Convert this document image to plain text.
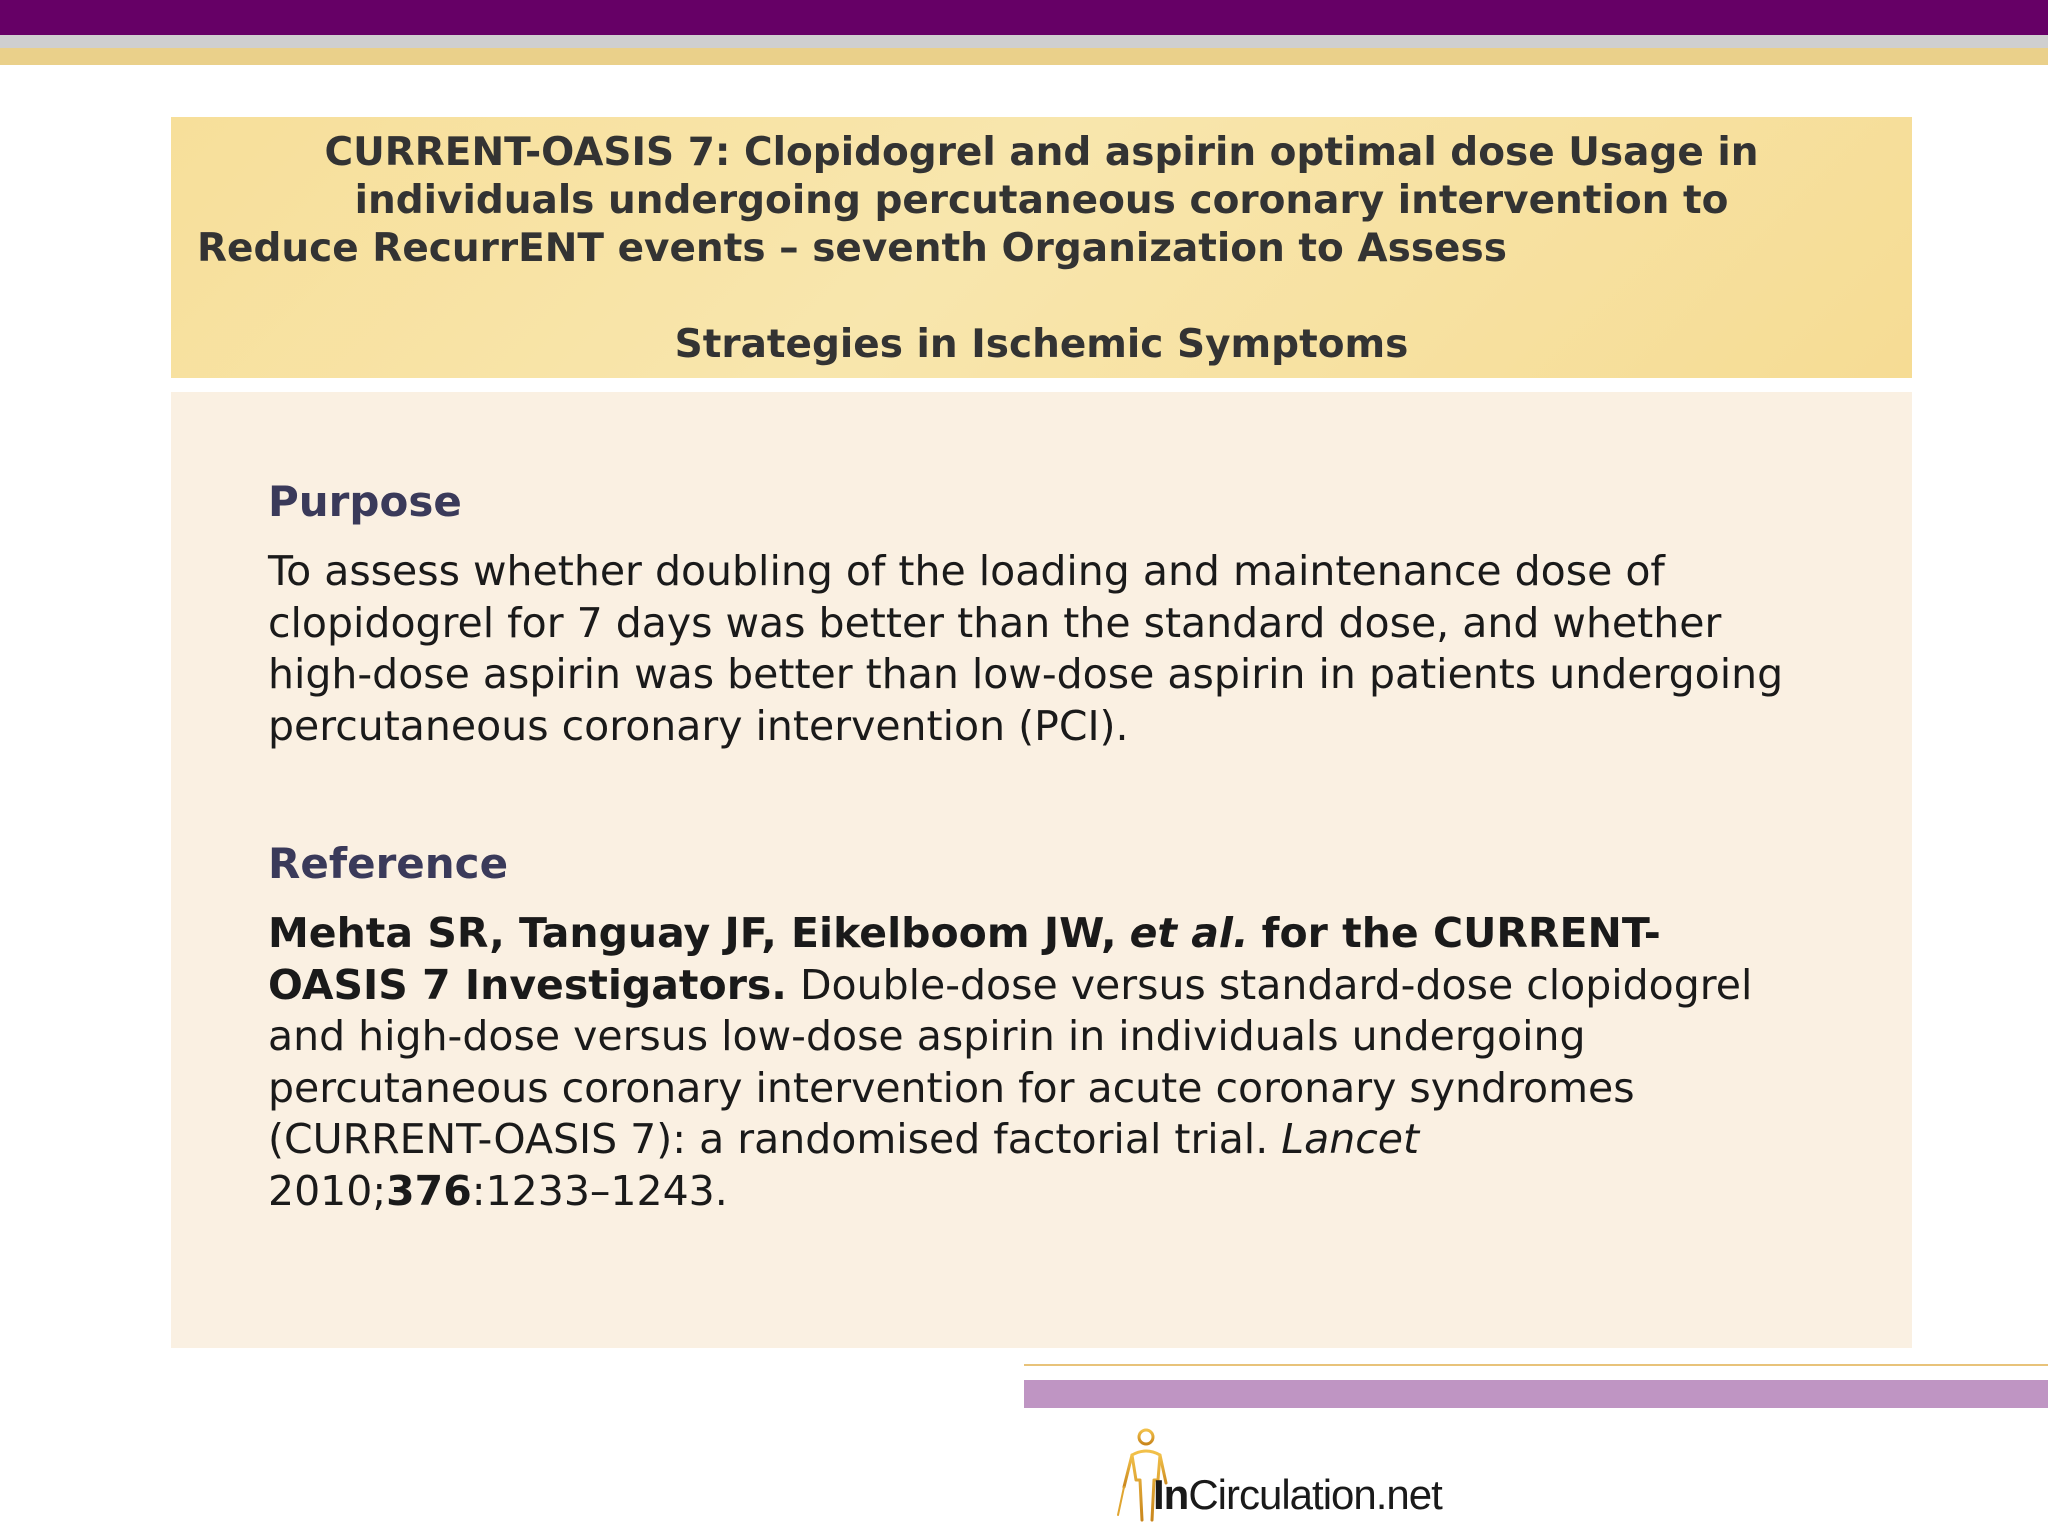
CURRENT-OASIS 7: Clopidogrel and aspirin optimal dose Usage in
individuals undergoing percutaneous coronary intervention to
Reduce RecurrENT events – seventh Organization to Assess
Strategies in Ischemic Symptoms
Purpose
To assess whether doubling of the loading and maintenance dose of
clopidogrel for 7 days was better than the standard dose, and whether
high-dose aspirin was better than low-dose aspirin in patients undergoing
percutaneous coronary intervention (PCI).
Reference
Mehta SR, Tanguay JF, Eikelboom JW, et al. for the CURRENT-
OASIS 7 Investigators. Double-dose versus standard-dose clopidogrel
and high-dose versus low-dose aspirin in individuals undergoing
percutaneous coronary intervention for acute coronary syndromes
(CURRENT-OASIS 7): a randomised factorial trial. Lancet
2010;376:1233–1243.
InCirculation.net
